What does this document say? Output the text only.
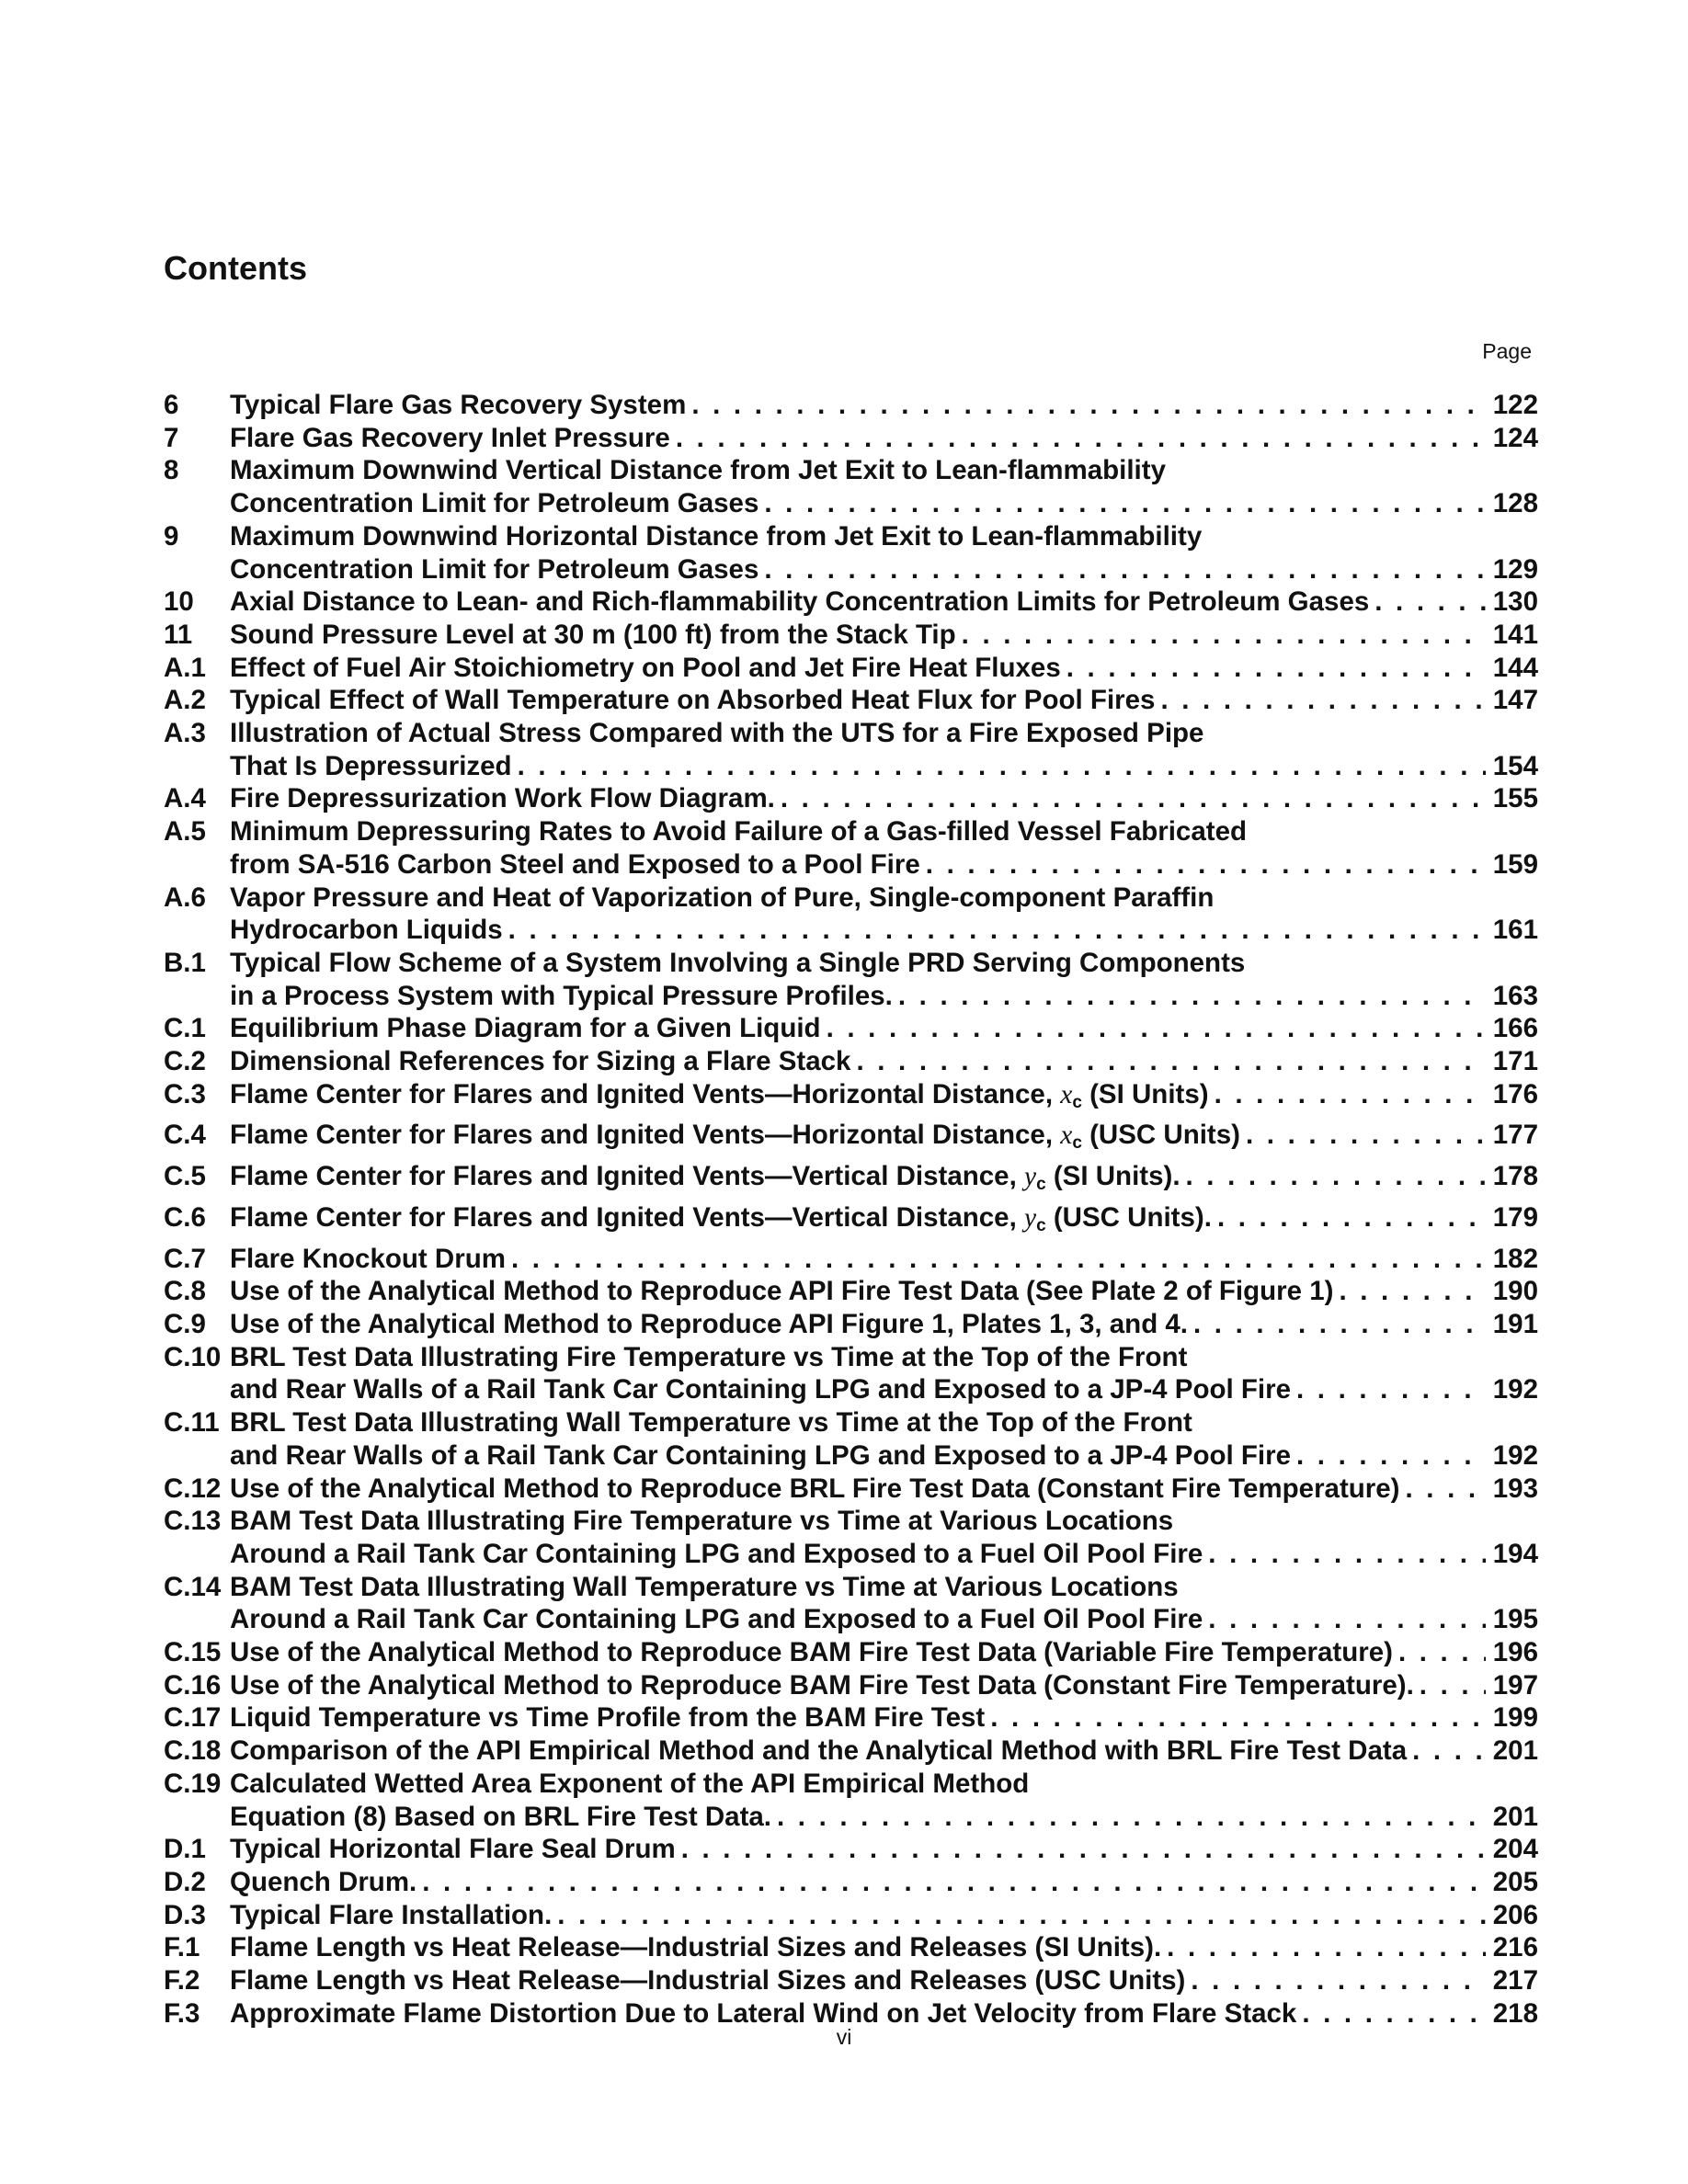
Contents
Page
6	Typical Flare Gas Recovery System . . .	122
7	Flare Gas Recovery Inlet Pressure . . .	124
8	Maximum Downwind Vertical Distance from Jet Exit to Lean-flammability
Concentration Limit for Petroleum Gases . . .	128
9	Maximum Downwind Horizontal Distance from Jet Exit to Lean-flammability
Concentration Limit for Petroleum Gases . . .	129
10	Axial Distance to Lean- and Rich-flammability Concentration Limits for Petroleum Gases . . .	130
11	Sound Pressure Level at 30 m (100 ft) from the Stack Tip . . .	141
A.1 Effect of Fuel Air Stoichiometry on Pool and Jet Fire Heat Fluxes . . .	144
A.2 Typical Effect of Wall Temperature on Absorbed Heat Flux for Pool Fires . . .	147
A.3 Illustration of Actual Stress Compared with the UTS for a Fire Exposed Pipe
That Is Depressurized . . .	154
A.4 Fire Depressurization Work Flow Diagram. . . .	155
A.5 Minimum Depressuring Rates to Avoid Failure of a Gas-filled Vessel Fabricated
from SA-516 Carbon Steel and Exposed to a Pool Fire . . .	159
A.6 Vapor Pressure and Heat of Vaporization of Pure, Single-component Paraffin
Hydrocarbon Liquids . . .	161
B.1 Typical Flow Scheme of a System Involving a Single PRD Serving Components
in a Process System with Typical Pressure Profiles. . . .	163
C.1 Equilibrium Phase Diagram for a Given Liquid . . .	166
C.2 Dimensional References for Sizing a Flare Stack . . .	171
C.3 Flame Center for Flares and Ignited Vents—Horizontal Distance, $x_c$ (SI Units) . . .	176
C.4 Flame Center for Flares and Ignited Vents—Horizontal Distance, $x_c$ (USC Units) . . .	177
C.5 Flame Center for Flares and Ignited Vents—Vertical Distance, $y_c$ (SI Units). . . .	178
C.6 Flame Center for Flares and Ignited Vents—Vertical Distance, $y_c$ (USC Units). . . .	179
C.7 Flare Knockout Drum . . .	182
C.8 Use of the Analytical Method to Reproduce API Fire Test Data (See Plate 2 of Figure 1) . . .	190
C.9 Use of the Analytical Method to Reproduce API Figure 1, Plates 1, 3, and 4. . . .	191
C.10 BRL Test Data Illustrating Fire Temperature vs Time at the Top of the Front
and Rear Walls of a Rail Tank Car Containing LPG and Exposed to a JP-4 Pool Fire . . .	192
C.11 BRL Test Data Illustrating Wall Temperature vs Time at the Top of the Front
and Rear Walls of a Rail Tank Car Containing LPG and Exposed to a JP-4 Pool Fire . . .	192
C.12 Use of the Analytical Method to Reproduce BRL Fire Test Data (Constant Fire Temperature) . . .	193
C.13 BAM Test Data Illustrating Fire Temperature vs Time at Various Locations
Around a Rail Tank Car Containing LPG and Exposed to a Fuel Oil Pool Fire . . .	194
C.14 BAM Test Data Illustrating Wall Temperature vs Time at Various Locations
Around a Rail Tank Car Containing LPG and Exposed to a Fuel Oil Pool Fire . . .	195
C.15 Use of the Analytical Method to Reproduce BAM Fire Test Data (Variable Fire Temperature) . . .	196
C.16 Use of the Analytical Method to Reproduce BAM Fire Test Data (Constant Fire Temperature). . . .	197
C.17 Liquid Temperature vs Time Profile from the BAM Fire Test . . .	199
C.18 Comparison of the API Empirical Method and the Analytical Method with BRL Fire Test Data . . .	201
C.19 Calculated Wetted Area Exponent of the API Empirical Method
Equation (8) Based on BRL Fire Test Data. . . .	201
D.1 Typical Horizontal Flare Seal Drum . . .	204
D.2 Quench Drum. . . .	205
D.3 Typical Flare Installation. . . .	206
F.1	Flame Length vs Heat Release—Industrial Sizes and Releases (SI Units). . . .	216
F.2	Flame Length vs Heat Release—Industrial Sizes and Releases (USC Units) . . .	217
F.3	Approximate Flame Distortion Due to Lateral Wind on Jet Velocity from Flare Stack . . .	218
vi
